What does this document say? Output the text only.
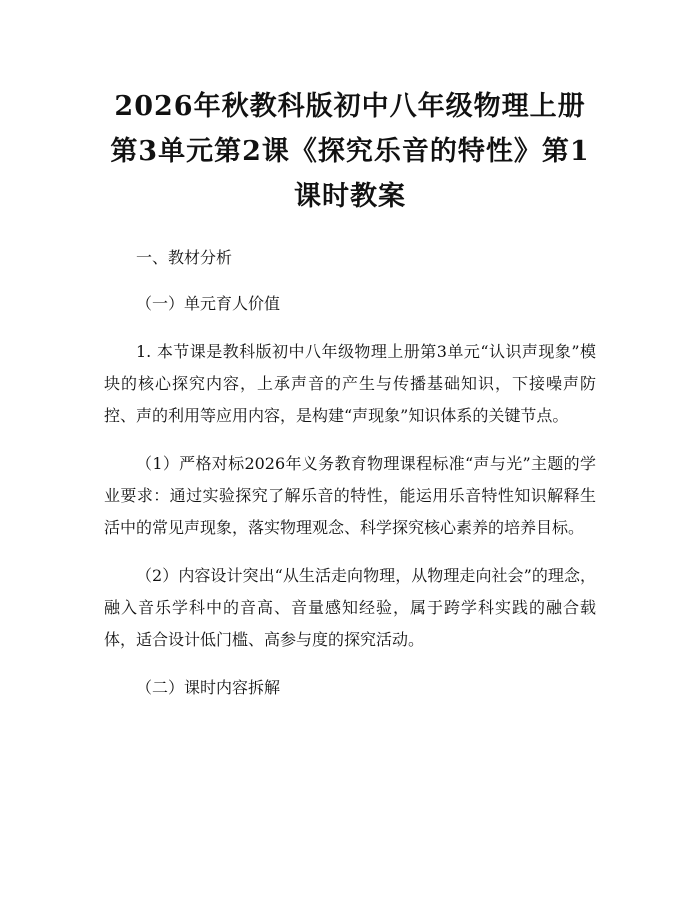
2026年秋教科版初中八年级物理上册第3单元第2课《探究乐音的特性》第1课时教案

一、教材分析

（一）单元育人价值

1. 本节课是教科版初中八年级物理上册第3单元“认识声现象”模块的核心探究内容，上承声音的产生与传播基础知识，下接噪声防控、声的利用等应用内容，是构建“声现象”知识体系的关键节点。

（1）严格对标2026年义务教育物理课程标准“声与光”主题的学业要求：通过实验探究了解乐音的特性，能运用乐音特性知识解释生活中的常见声现象，落实物理观念、科学探究核心素养的培养目标。

（2）内容设计突出“从生活走向物理，从物理走向社会”的理念，融入音乐学科中的音高、音量感知经验，属于跨学科实践的融合载体，适合设计低门槛、高参与度的探究活动。

（二）课时内容拆解
